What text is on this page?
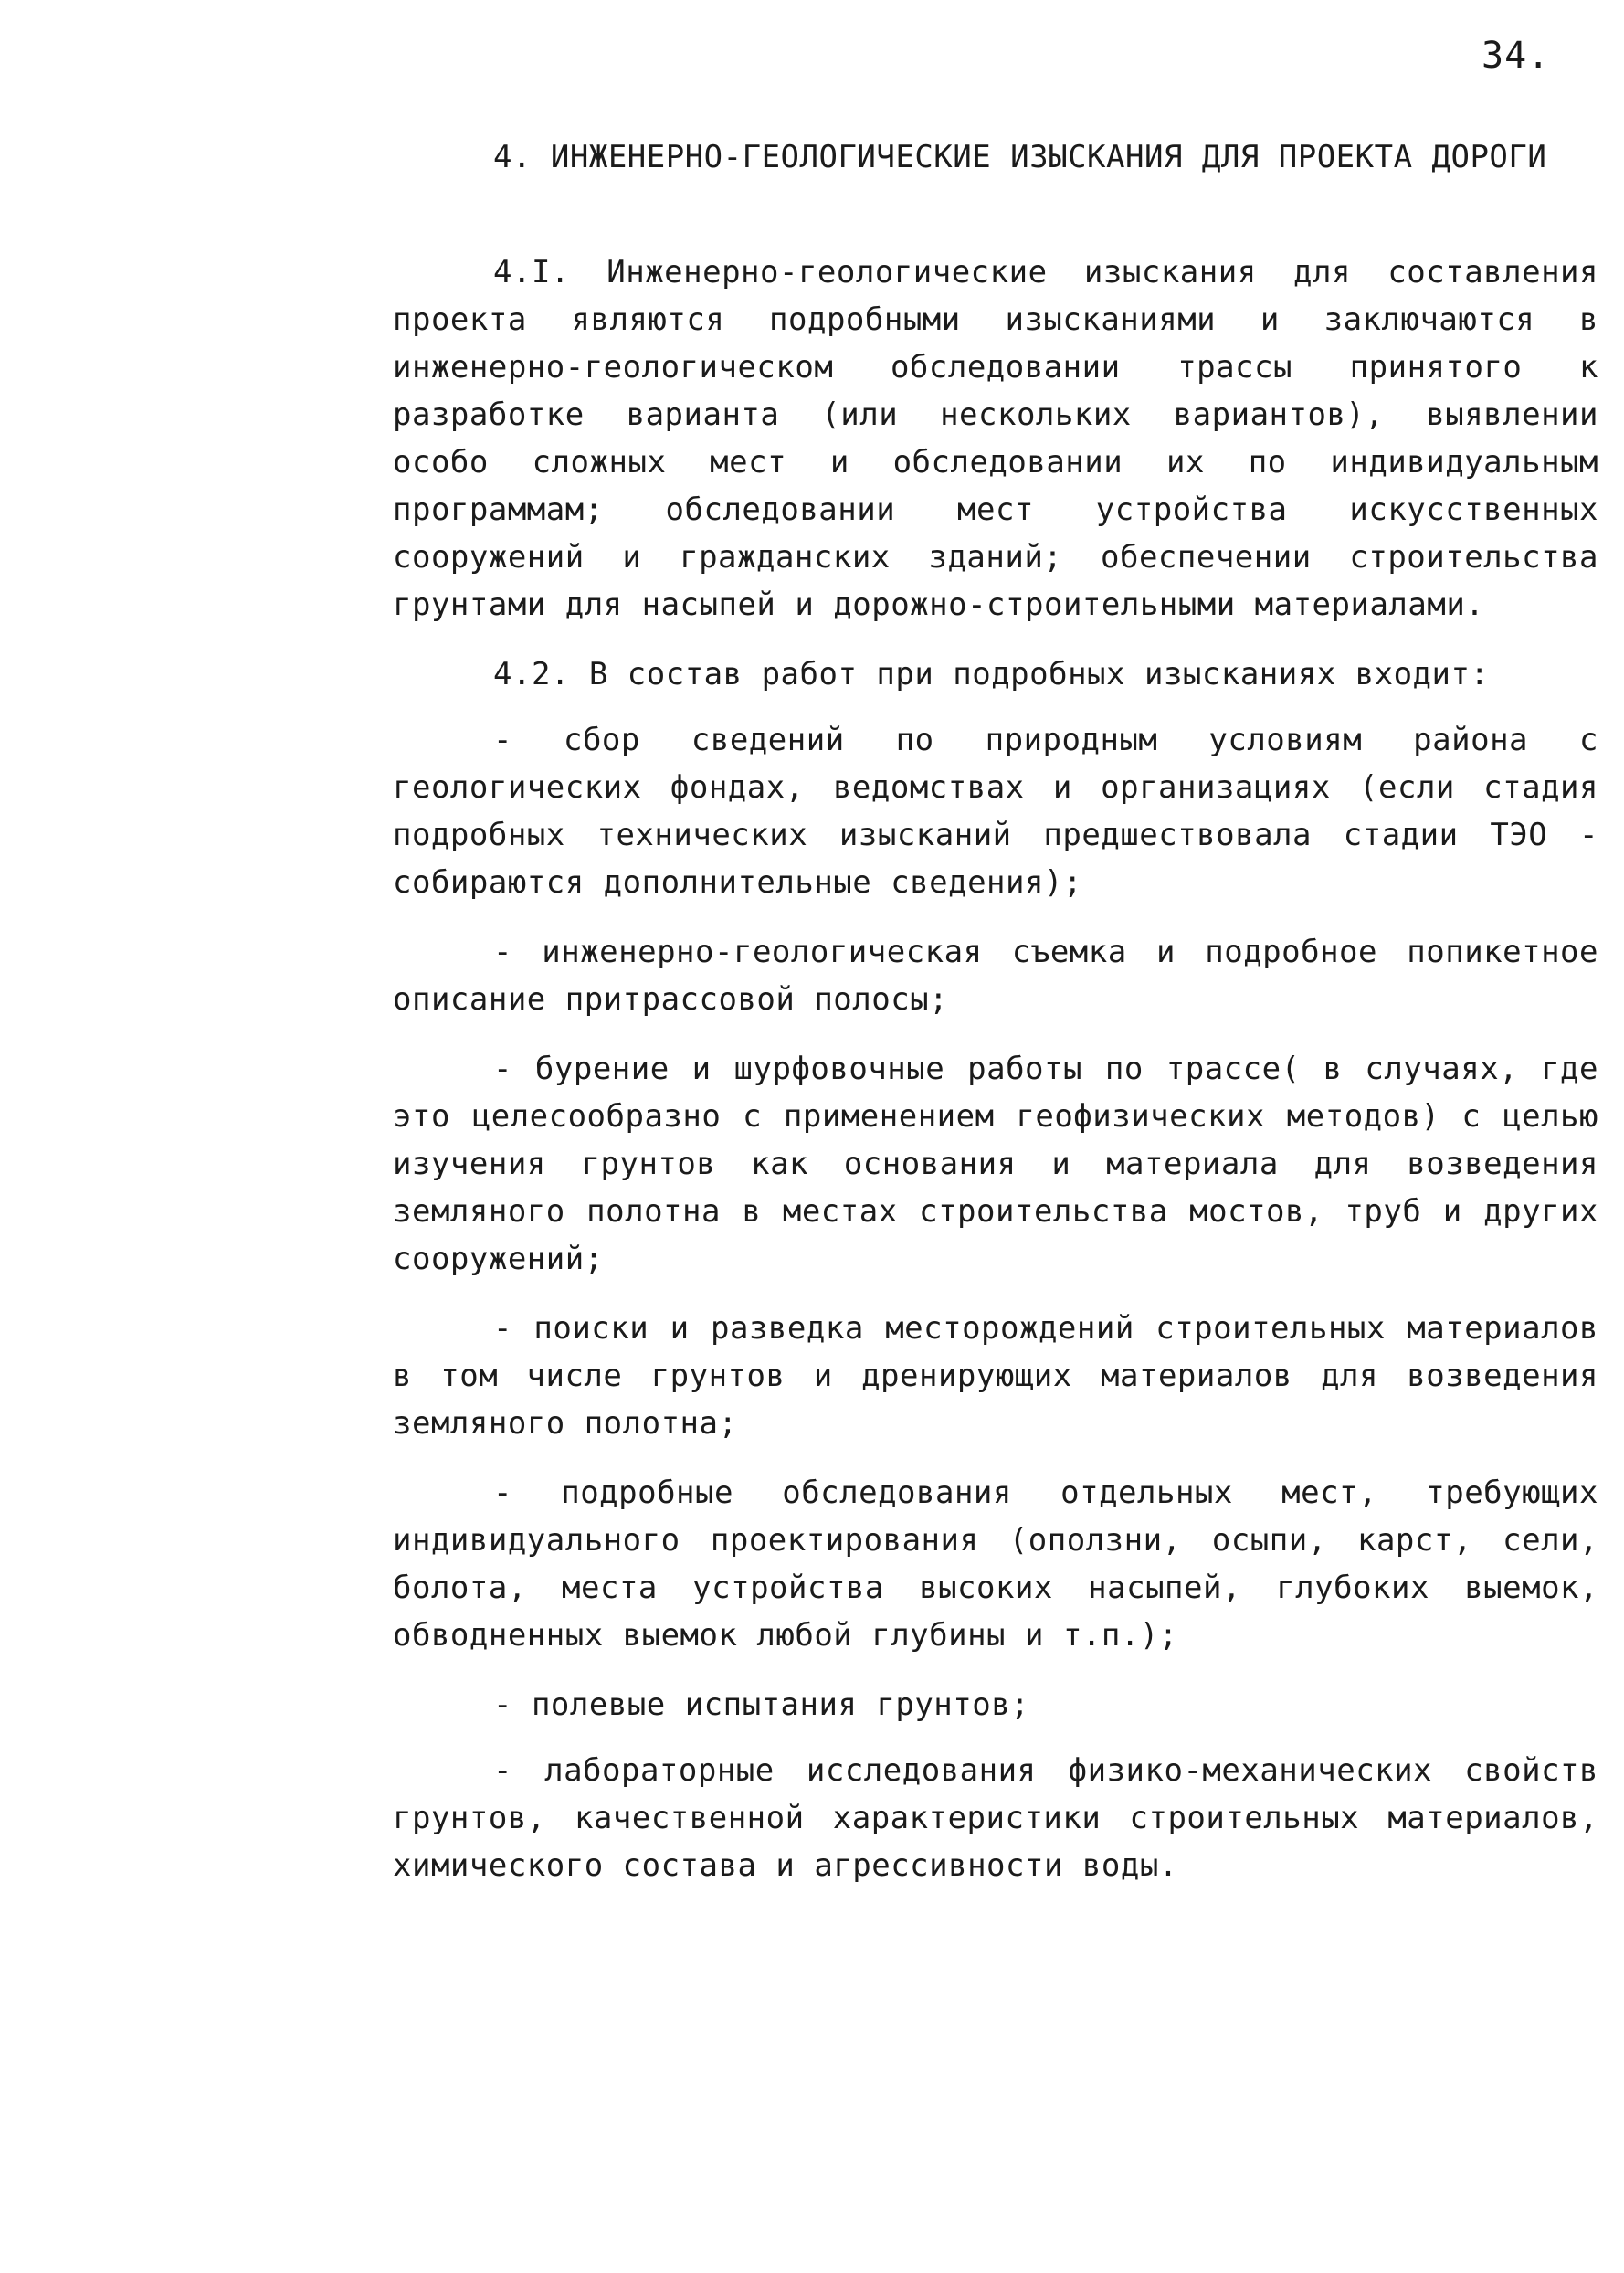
34.
4. ИНЖЕНЕРНО-ГЕОЛОГИЧЕСКИЕ ИЗЫСКАНИЯ ДЛЯ ПРОЕКТА ДОРОГИ

4.I. Инженерно-геологические изыскания для составления проекта являются подробными изысканиями и заключаются в инженерно-геологическом обследовании трассы принятого к разработке варианта (или нескольких вариантов), выявлении особо сложных мест и обследовании их по индивидуальным программам; обследовании мест устройства искусственных сооружений и гражданских зданий; обеспечении строительства грунтами для насыпей и дорожно-строительными материалами.

4.2. В состав работ при подробных изысканиях входит:

- сбор сведений по природным условиям района с геологических фондах, ведомствах и организациях (если стадия подробных технических изысканий предшествовала стадии ТЭО - собираются дополнительные сведения);

- инженерно-геологическая съемка и подробное попикетное описание притрассовой полосы;

- бурение и шурфовочные работы по трассе( в случаях, где это целесообразно с применением геофизических методов) с целью изучения грунтов как основания и материала для возведения земляного полотна в местах строительства мостов, труб и других сооружений;

- поиски и разведка месторождений строительных материалов в том числе грунтов и дренирующих материалов для возведения земляного полотна;

- подробные обследования отдельных мест, требующих индивидуального проектирования (оползни, осыпи, карст, сели, болота, места устройства высоких насыпей, глубоких выемок, обводненных выемок любой глубины и т.п.);

- полевые испытания грунтов;

- лабораторные исследования физико-механических свойств грунтов, качественной характеристики строительных материалов, химического состава и агрессивности воды.
